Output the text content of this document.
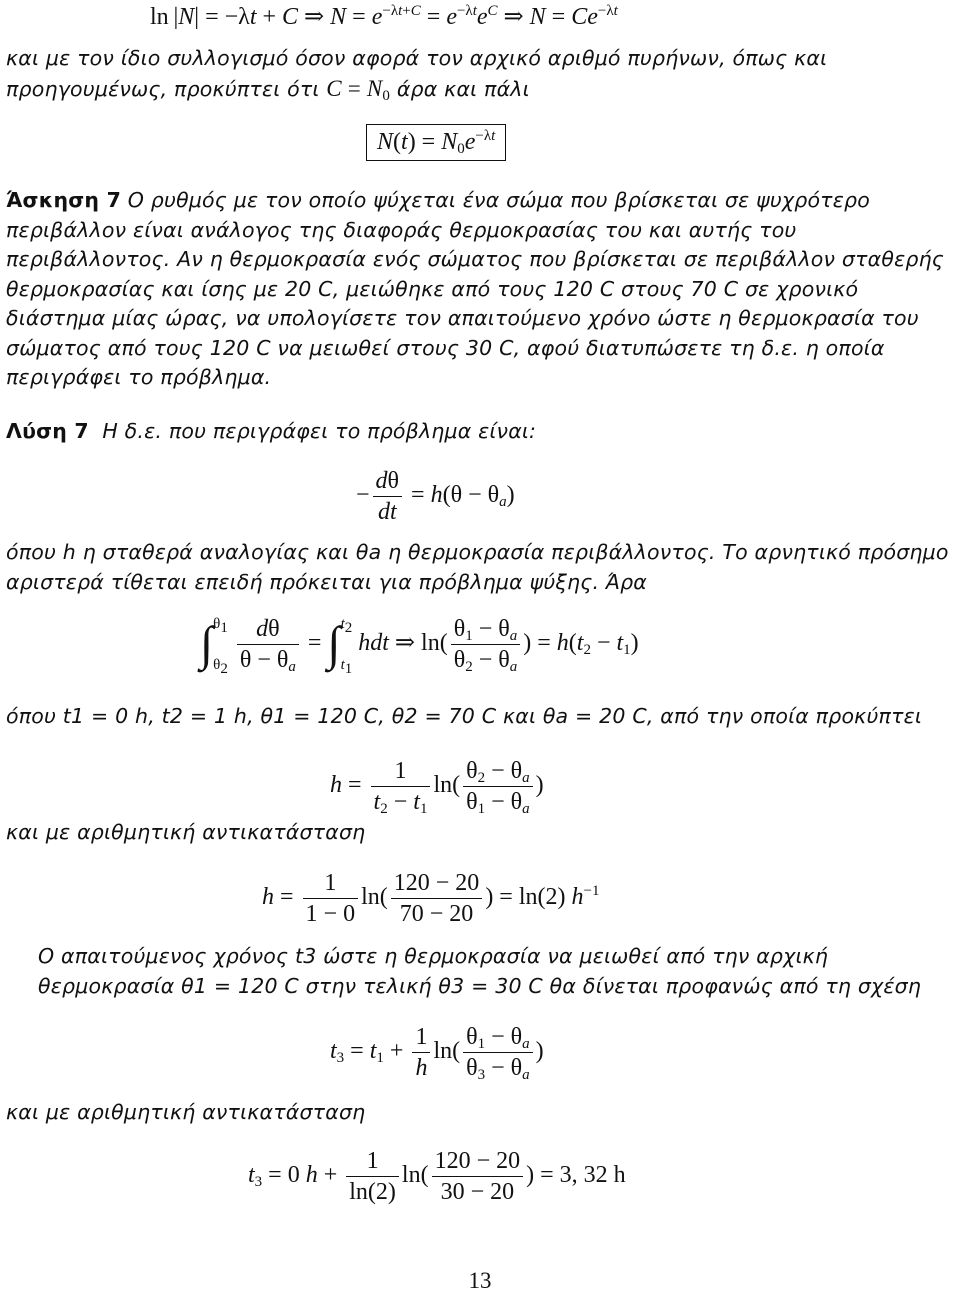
ln |N| = −λt + C ⇒ $N = e^{-\lambda t+C} = e^{-\lambda t}e^C$ ⇒ $N = Ce^{-\lambda t}$
και με τον ίδιο συλλογισμό όσον αφορά τον αρχικό αριθμό πυρήνων, όπως και προηγουμένως, προκύπτει ότι $C = N_0$ άρα και πάλι
$N(t) = N_0e^{-\lambda t}$
Άσκηση 7 Ο ρυθμός με τον οποίο ψύχεται ένα σώμα που βρίσκεται σε ψυχρότερο περιβάλλον είναι ανάλογος της διαφοράς θερμοκρασίας του και αυτής του περιβάλλοντος. Αν η θερμοκρασία ενός σώματος που βρίσκεται σε περιβάλλον σταθερής θερμοκρασίας και ίσης με 20 C, μειώθηκε από τους 120 C στους 70 C σε χρονικό διάστημα μίας ώρας, να υπολογίσετε τον απαιτούμενο χρόνο ώστε η θερμοκρασία του σώματος από τους 120 C να μειωθεί στους 30 C, αφού διατυπώσετε τη δ.ε. η οποία περιγράφει το πρόβλημα.
Λύση 7 Η δ.ε. που περιγράφει το πρόβλημα είναι:
− $\frac{d\theta}{dt} = h(\theta - \theta_a)$
όπου h η σταθερά αναλογίας και θa η θερμοκρασία περιβάλλοντος. Το αρνητικό πρόσημο αριστερά τίθεται επειδή πρόκειται για πρόβλημα ψύξης. Άρα
∫ $\theta_1$
$\theta_2$
$\frac{d\theta}{\theta - \theta_a}$ = ∫ $t_2$
$t_1$
hdt ⇒ $\ln( \frac{\theta_1 - \theta_a}{\theta_2 - \theta_a}$ ) = $h(t_2 - t_1)$
όπου t1 = 0 h, t2 = 1 h, θ1 = 120 C, θ2 = 70 C και θa = 20 C, από την οποία προκύπτει
$h = \frac{1}{t_2 - t_1} \ln( \frac{\theta_2 - \theta_a}{\theta_1 - \theta_a}$ )
και με αριθμητική αντικατάσταση
$h = \frac{1}{1 - 0} \ln( \frac{120 - 20}{70 - 20}$ ) = ln(2) $h^{-1}$
Ο απαιτούμενος χρόνος t3 ώστε η θερμοκρασία να μειωθεί από την αρχική θερμοκρασία θ1 = 120 C στην τελική θ3 = 30 C θα δίνεται προφανώς από τη σχέση
$t_3 = t_1 + \frac{1}{h} \ln( \frac{\theta_1 - \theta_a}{\theta_3 - \theta_a}$ )
και με αριθμητική αντικατάσταση
$t_3 = 0$ $h + \frac{1}{\ln(2)} \ln( \frac{120 - 20}{30 - 20}$ ) = 3, 32 h
13
